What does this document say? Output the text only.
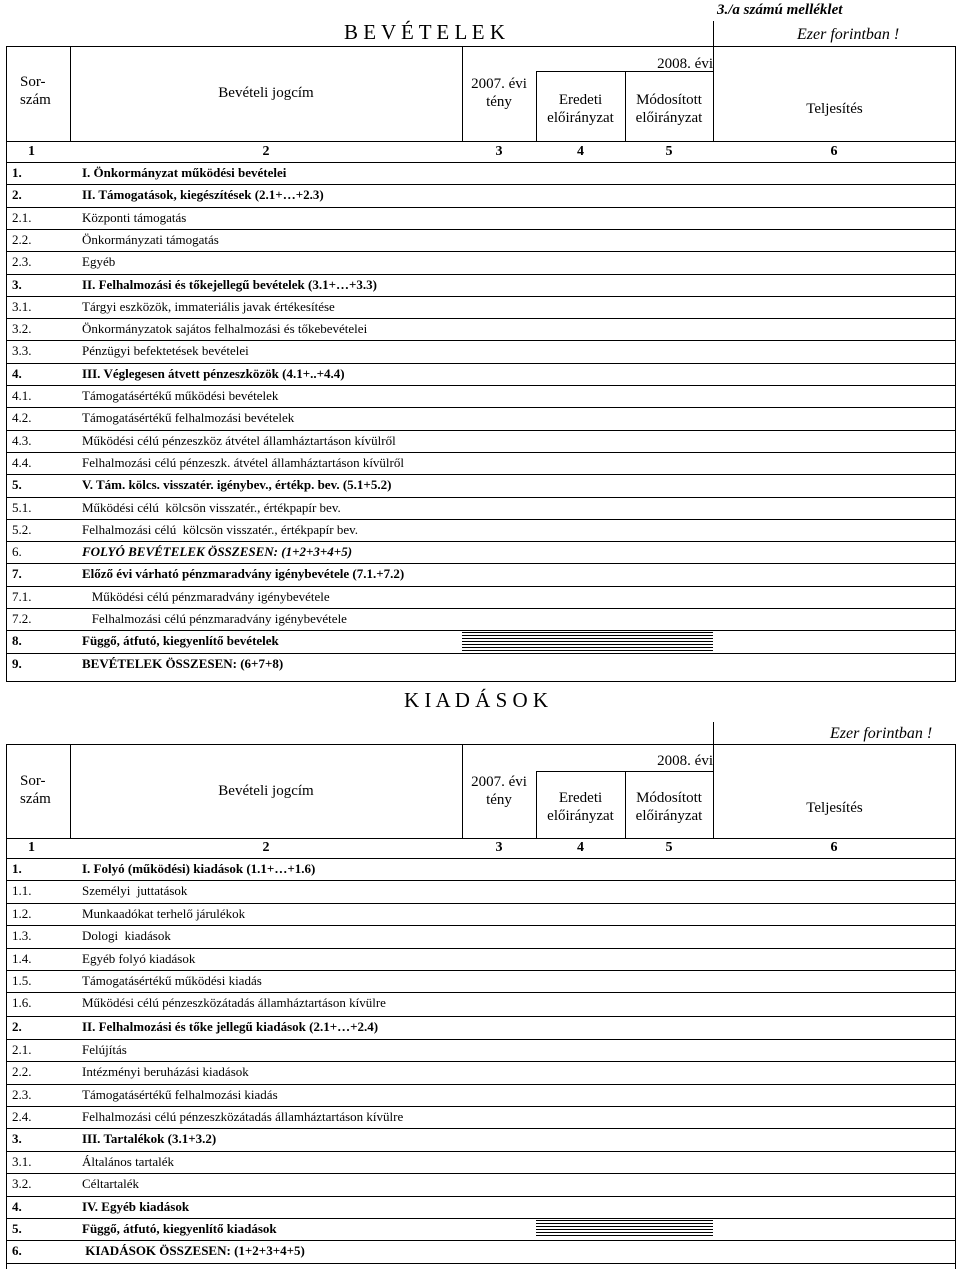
3./a számú melléklet
B E V É T E L E K	Ezer forintban !
Sor-
szám	Bevételi jogcím
2007. évi
tény
2008. évi
Eredeti
előirányzat
Módosított
előirányzat
Teljesítés
1	2	3	4	5	6
1.	I. Önkormányzat működési bevételei
2.	II. Támogatások, kiegészítések (2.1+…+2.3)
2.1.	Központi támogatás
2.2.	Önkormányzati támogatás
2.3.	Egyéb
3.	II. Felhalmozási és tőkejellegű bevételek (3.1+…+3.3)
3.1.	Tárgyi eszközök, immateriális javak értékesítése
3.2.	Önkormányzatok sajátos felhalmozási és tőkebevételei
3.3.	Pénzügyi befektetések bevételei
4.	III. Véglegesen átvett pénzeszközök (4.1+..+4.4)
4.1.	Támogatásértékű működési bevételek
4.2.	Támogatásértékű felhalmozási bevételek
4.3.	Működési célú pénzeszköz átvétel államháztartáson kívülről
4.4.	Felhalmozási célú pénzeszk. átvétel államháztartáson kívülről
5.	V. Tám. kölcs. visszatér. igénybev., értékp. bev. (5.1+5.2)
5.1.	Működési célú  kölcsön visszatér., értékpapír bev.
5.2.	Felhalmozási célú  kölcsön visszatér., értékpapír bev.
6.	FOLYÓ BEVÉTELEK ÖSSZESEN: (1+2+3+4+5)
7.	Előző évi várható pénzmaradvány igénybevétele (7.1.+7.2)
7.1.	Működési célú pénzmaradvány igénybevétele
7.2.	Felhalmozási célú pénzmaradvány igénybevétele
8.	Függő, átfutó, kiegyenlítő bevételek
9.	BEVÉTELEK ÖSSZESEN: (6+7+8)
K I A D Á S O K
Ezer forintban !
Sor-
szám	Bevételi jogcím
2007. évi
tény
2008. évi
Eredeti
előirányzat
Módosított
előirányzat	Teljesítés
1	2	3	4	5	6
1.	I. Folyó (működési) kiadások (1.1+…+1.6)
1.1.	Személyi  juttatások
1.2.	Munkaadókat terhelő járulékok
1.3.	Dologi  kiadások
1.4.	Egyéb folyó kiadások
1.5.	Támogatásértékű működési kiadás
1.6.	Működési célú pénzeszközátadás államháztartáson kívülre
2.	II. Felhalmozási és tőke jellegű kiadások (2.1+…+2.4)
2.1.	Felújítás
2.2.	Intézményi beruházási kiadások
2.3.	Támogatásértékű felhalmozási kiadás
2.4.	Felhalmozási célú pénzeszközátadás államháztartáson kívülre
3.	III. Tartalékok (3.1+3.2)
3.1.	Általános tartalék
3.2.	Céltartalék
4.	IV. Egyéb kiadások
5.	Függő, átfutó, kiegyenlítő kiadások
6.	KIADÁSOK ÖSSZESEN: (1+2+3+4+5)
